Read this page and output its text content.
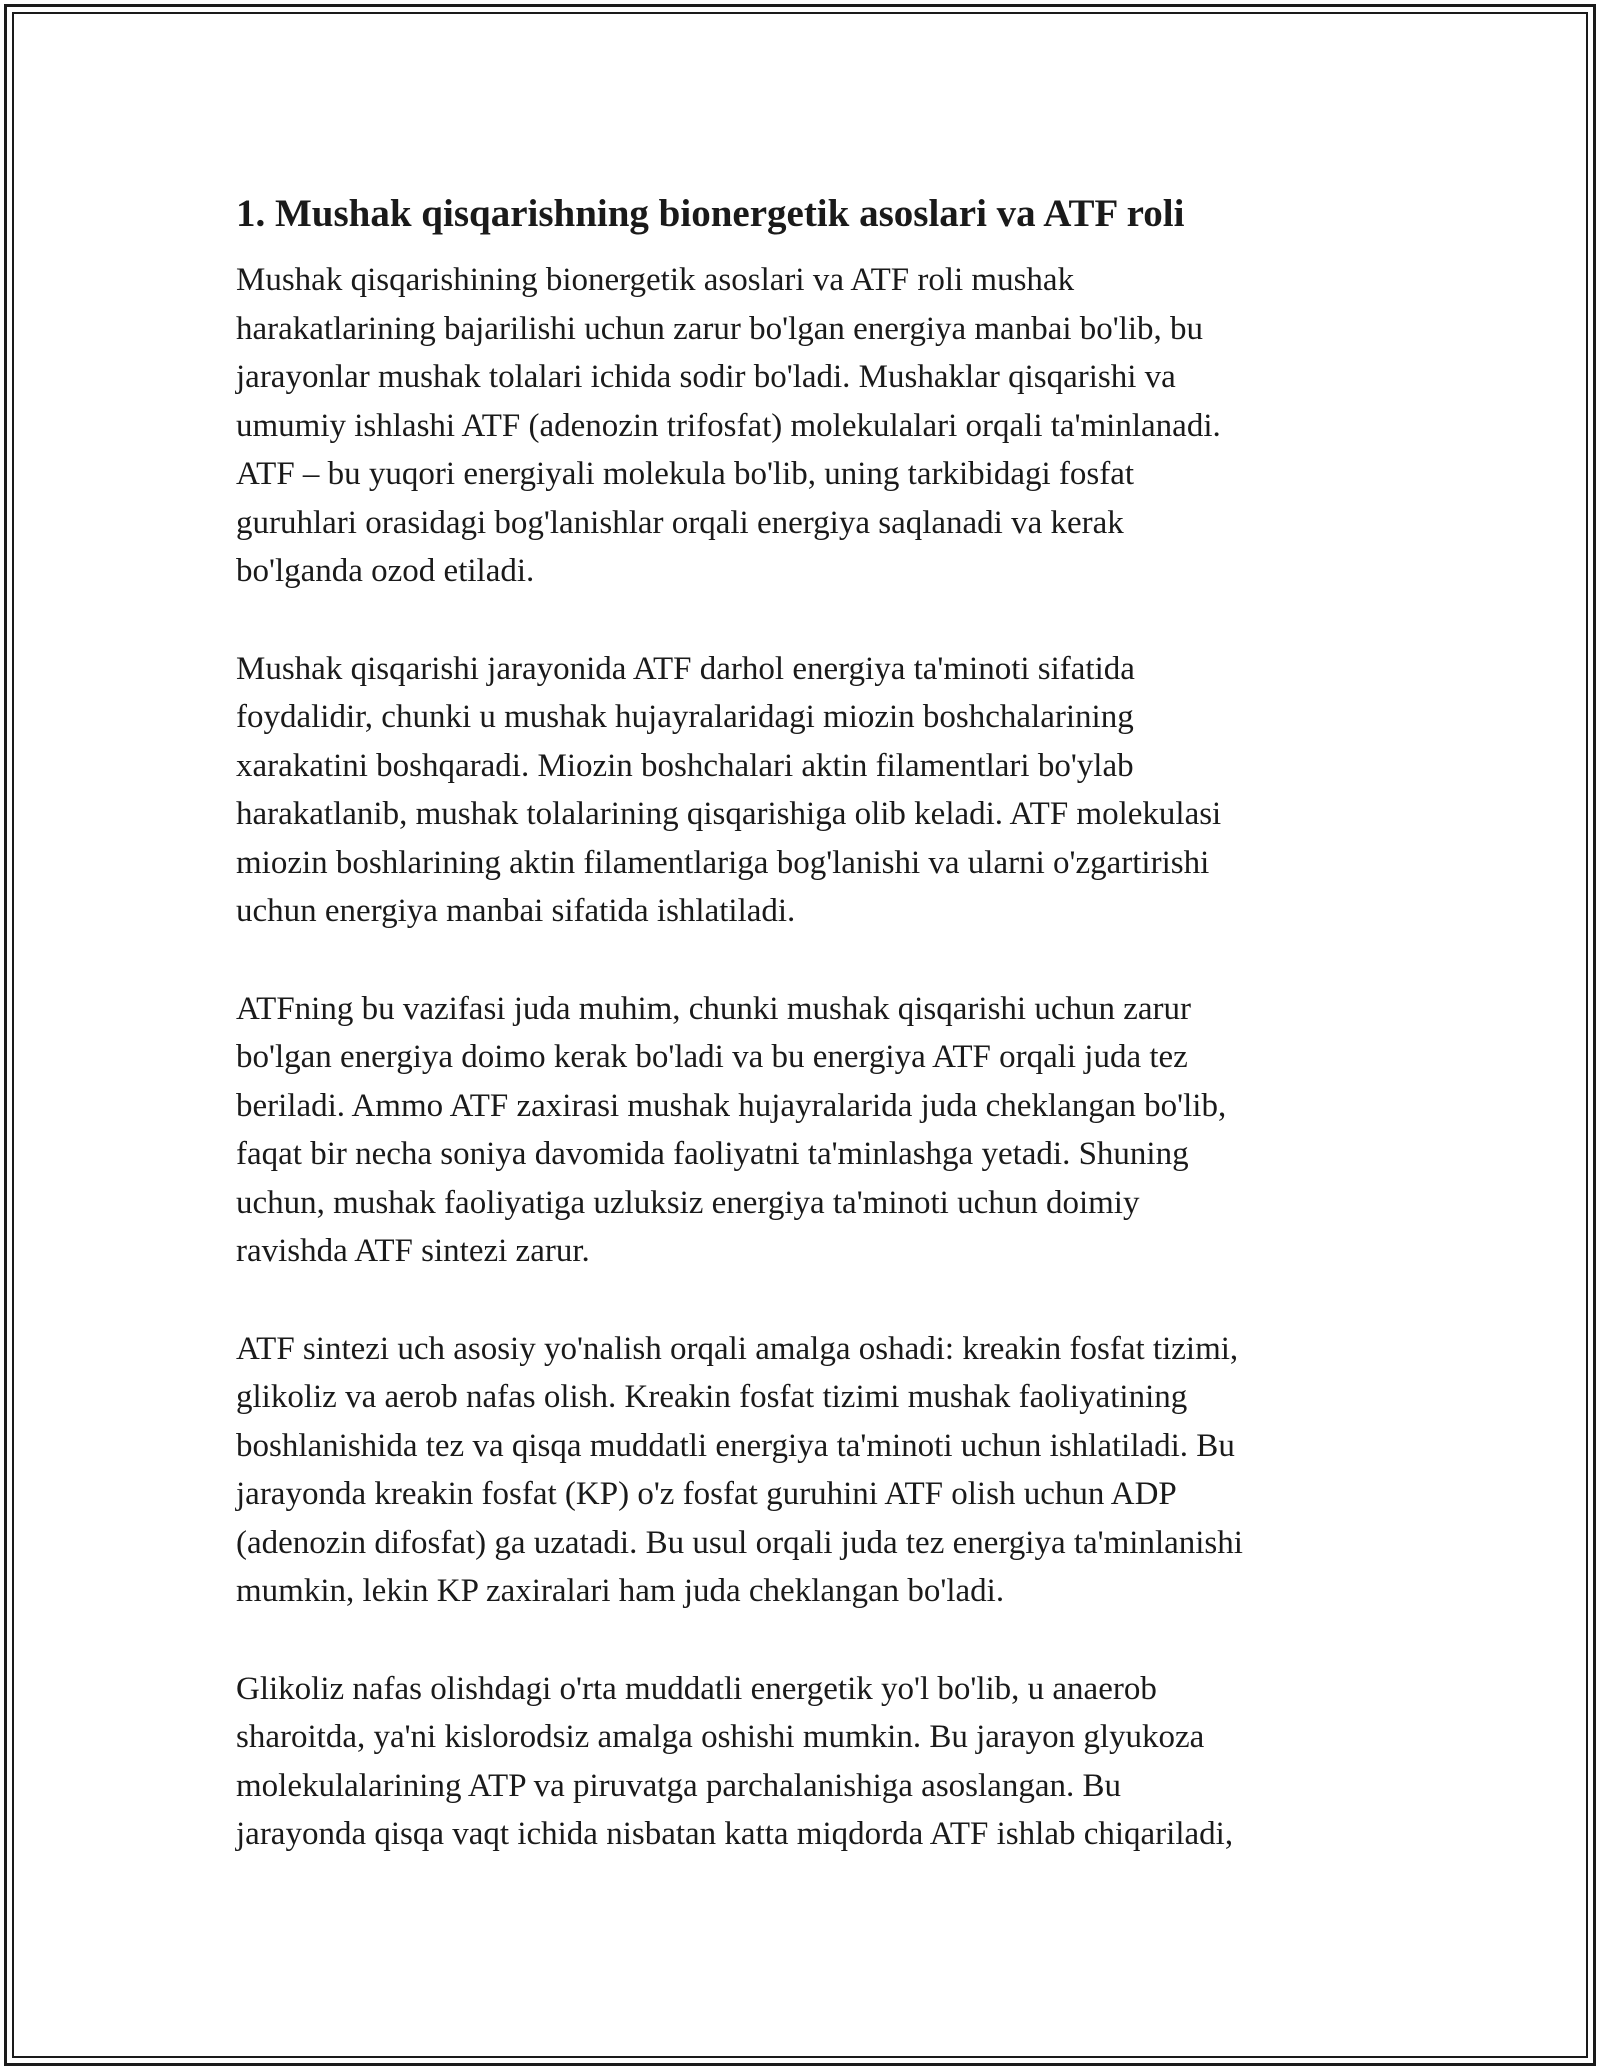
1. Mushak qisqarishning bionergetik asoslari va ATF roli

Mushak qisqarishining bionergetik asoslari va ATF roli mushak
harakatlarining bajarilishi uchun zarur bo'lgan energiya manbai bo'lib, bu
jarayonlar mushak tolalari ichida sodir bo'ladi. Mushaklar qisqarishi va
umumiy ishlashi ATF (adenozin trifosfat) molekulalari orqali ta'minlanadi.
ATF – bu yuqori energiyali molekula bo'lib, uning tarkibidagi fosfat
guruhlari orasidagi bog'lanishlar orqali energiya saqlanadi va kerak
bo'lganda ozod etiladi.

Mushak qisqarishi jarayonida ATF darhol energiya ta'minoti sifatida
foydalidir, chunki u mushak hujayralaridagi miozin boshchalarining
xarakatini boshqaradi. Miozin boshchalari aktin filamentlari bo'ylab
harakatlanib, mushak tolalarining qisqarishiga olib keladi. ATF molekulasi
miozin boshlarining aktin filamentlariga bog'lanishi va ularni o'zgartirishi
uchun energiya manbai sifatida ishlatiladi.

ATFning bu vazifasi juda muhim, chunki mushak qisqarishi uchun zarur
bo'lgan energiya doimo kerak bo'ladi va bu energiya ATF orqali juda tez
beriladi. Ammo ATF zaxirasi mushak hujayralarida juda cheklangan bo'lib,
faqat bir necha soniya davomida faoliyatni ta'minlashga yetadi. Shuning
uchun, mushak faoliyatiga uzluksiz energiya ta'minoti uchun doimiy
ravishda ATF sintezi zarur.

ATF sintezi uch asosiy yo'nalish orqali amalga oshadi: kreakin fosfat tizimi,
glikoliz va aerob nafas olish. Kreakin fosfat tizimi mushak faoliyatining
boshlanishida tez va qisqa muddatli energiya ta'minoti uchun ishlatiladi. Bu
jarayonda kreakin fosfat (KP) o'z fosfat guruhini ATF olish uchun ADP
(adenozin difosfat) ga uzatadi. Bu usul orqali juda tez energiya ta'minlanishi
mumkin, lekin KP zaxiralari ham juda cheklangan bo'ladi.

Glikoliz nafas olishdagi o'rta muddatli energetik yo'l bo'lib, u anaerob
sharoitda, ya'ni kislorodsiz amalga oshishi mumkin. Bu jarayon glyukoza
molekulalarining ATP va piruvatga parchalanishiga asoslangan. Bu
jarayonda qisqa vaqt ichida nisbatan katta miqdorda ATF ishlab chiqariladi,
